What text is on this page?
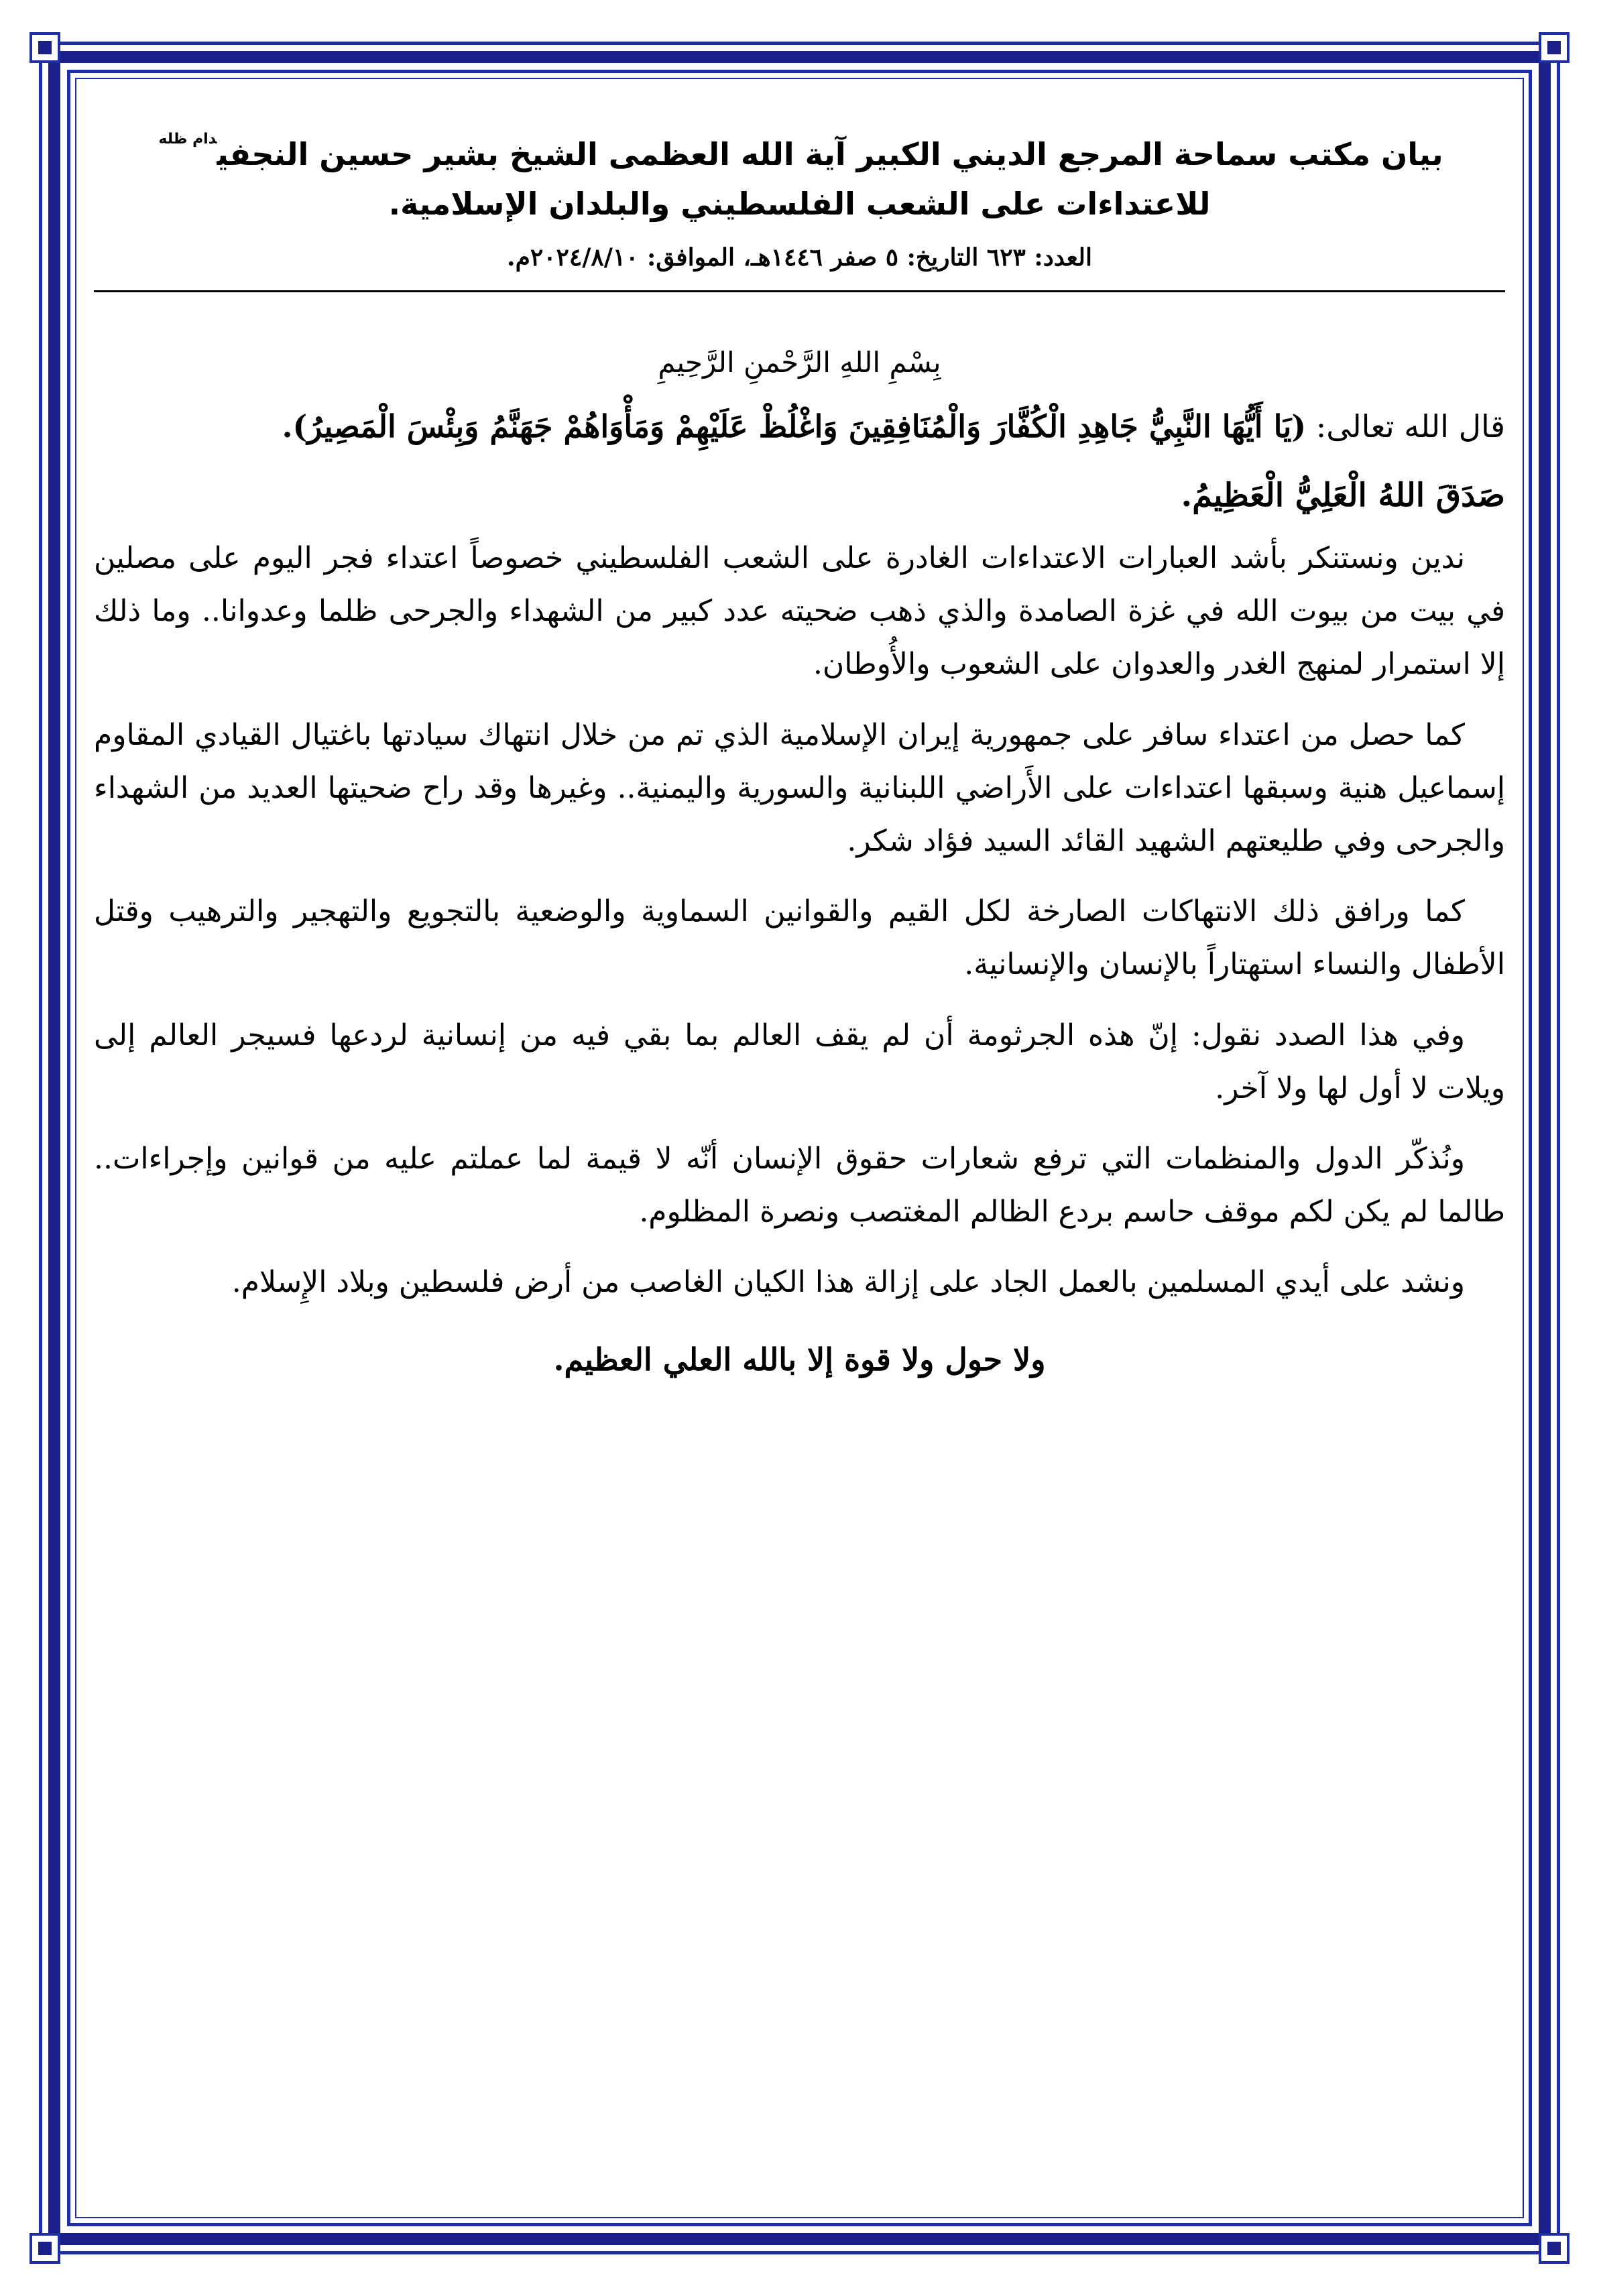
بيان مكتب سماحة المرجع الديني الكبير آية الله العظمى الشيخ بشير حسين النجفي$^{دام ظله}$
للاعتداءات على الشعب الفلسطيني والبلدان الإسلامية.
العدد: ٦٢٣ التاريخ: ٥ صفر ١٤٤٦هـ، الموافق: ٢٠٢٤/٨/١٠م.
بِسْمِ اللهِ الرَّحْمنِ الرَّحِيمِ
قال الله تعالى: (يَا أَيُّهَا النَّبِيُّ جَاهِدِ الْكُفَّارَ وَالْمُنَافِقِينَ وَاغْلُظْ عَلَيْهِمْ وَمَأْوَاهُمْ جَهَنَّمُ وَبِئْسَ الْمَصِيرُ).
صَدَقَ اللهُ الْعَلِيُّ الْعَظِيمُ.

ندين ونستنكر بأشد العبارات الاعتداءات الغادرة على الشعب الفلسطيني خصوصاً اعتداء فجر اليوم على مصلين في بيت من بيوت الله في غزة الصامدة والذي ذهب ضحيته عدد كبير من الشهداء والجرحى ظلما وعدوانا.. وما ذلك إلا استمرار لمنهج الغدر والعدوان على الشعوب والأُوطان.

كما حصل من اعتداء سافر على جمهورية إيران الإسلامية الذي تم من خلال انتهاك سيادتها باغتيال القيادي المقاوم إسماعيل هنية وسبقها اعتداءات على الأَراضي اللبنانية والسورية واليمنية.. وغيرها وقد راح ضحيتها العديد من الشهداء والجرحى وفي طليعتهم الشهيد القائد السيد فؤاد شكر.

كما ورافق ذلك الانتهاكات الصارخة لكل القيم والقوانين السماوية والوضعية بالتجويع والتهجير والترهيب وقتل الأطفال والنساء استهتاراً بالإنسان والإنسانية.

وفي هذا الصدد نقول: إنّ هذه الجرثومة أن لم يقف العالم بما بقي فيه من إنسانية لردعها فسيجر العالم إلى ويلات لا أول لها ولا آخر.

ونُذكّر الدول والمنظمات التي ترفع شعارات حقوق الإنسان أنّه لا قيمة لما عملتم عليه من قوانين وإجراءات.. طالما لم يكن لكم موقف حاسم بردع الظالم المغتصب ونصرة المظلوم.

ونشد على أيدي المسلمين بالعمل الجاد على إزالة هذا الكيان الغاصب من أرض فلسطين وبلاد الإِسلام.

ولا حول ولا قوة إلا بالله العلي العظيم.
